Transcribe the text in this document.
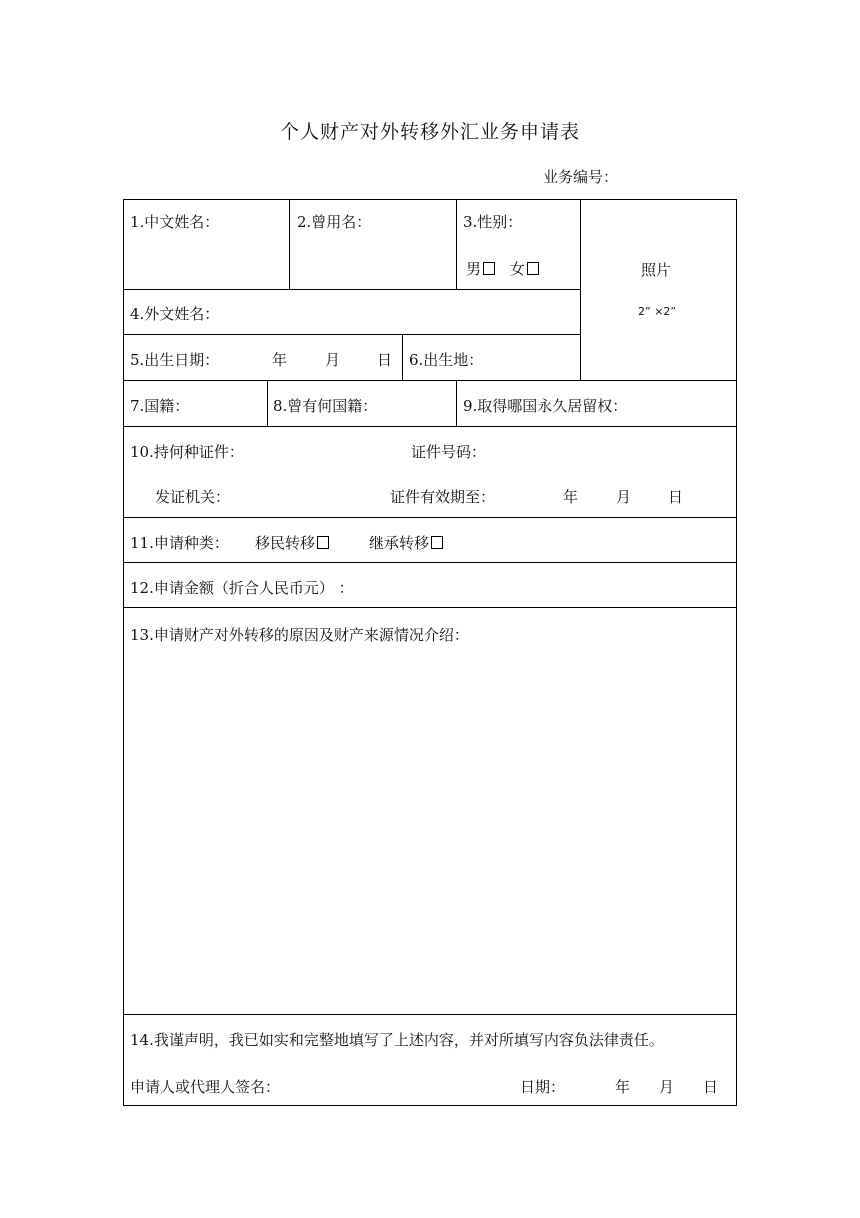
个人财产对外转移外汇业务申请表
业务编号：
1.中文姓名：	2.曾用名：	3.性别：
男 女	照片
2” ×2”
4.外文姓名：
5.出生日期：	年	月 日 6.出生地：
7.国籍：	8.曾有何国籍：	9.取得哪国永久居留权：
10.持何种证件：	证件号码：
发证机关：	证件有效期至：	年	月 日
11.申请种类： 移民转移	继承转移
12.申请金额（折合人民币元） ：
13.申请财产对外转移的原因及财产来源情况介绍：
14.我谨声明，我已如实和完整地填写了上述内容，并对所填写内容负法律责任。
申请人或代理人签名：	日期：	年 月 日
